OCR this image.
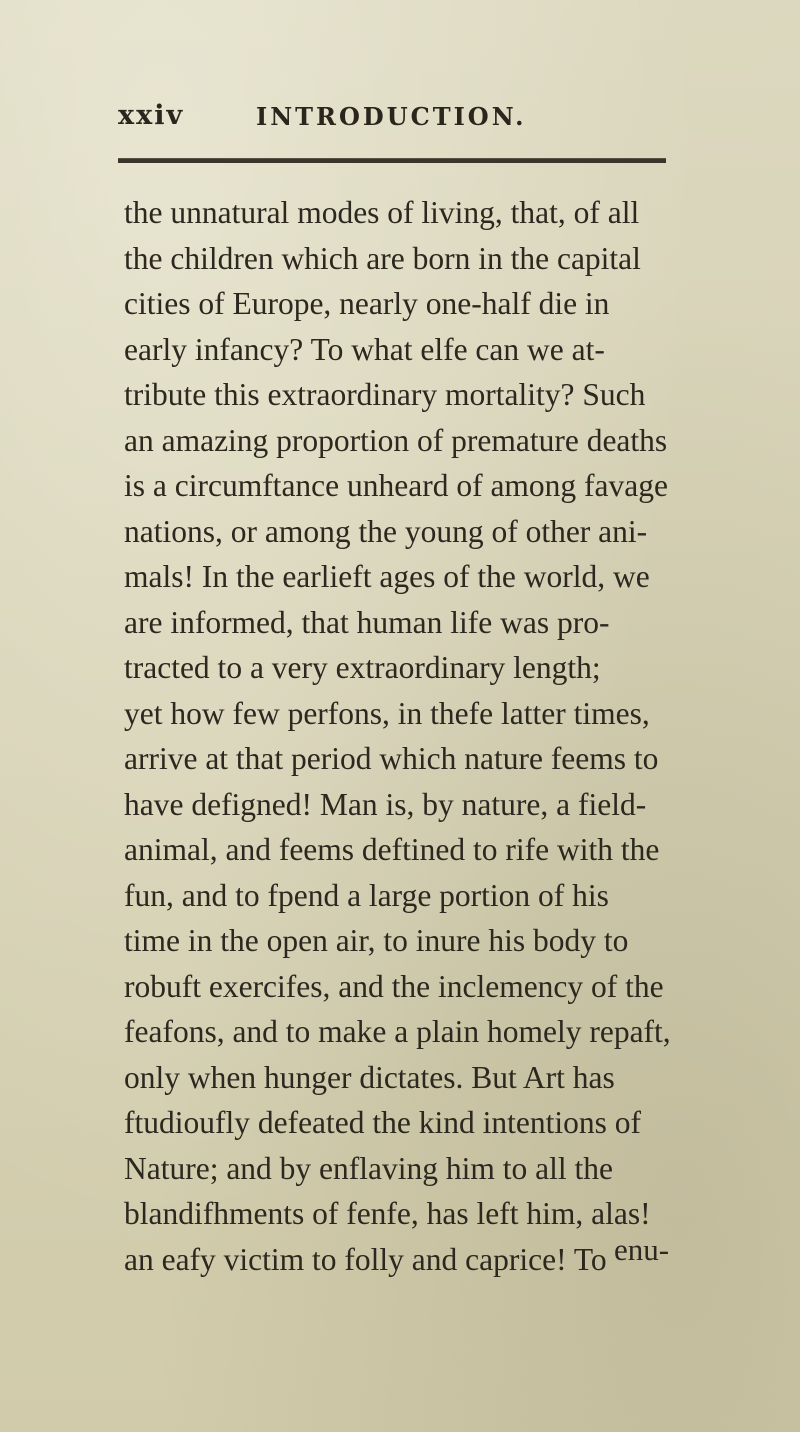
xxiv	INTRODUCTION.
the unnatural modes of living, that, of all
the children which are born in the capital
cities of Europe, nearly one-half die in
early infancy? To what elfe can we at-
tribute this extraordinary mortality? Such
an amazing proportion of premature deaths
is a circumftance unheard of among favage
nations, or among the young of other ani-
mals! In the earlieft ages of the world, we
are informed, that human life was pro-
tracted to a very extraordinary length;
yet how few perfons, in thefe latter times,
arrive at that period which nature feems to
have defigned! Man is, by nature, a field-
animal, and feems deftined to rife with the
fun, and to fpend a large portion of his
time in the open air, to inure his body to
robuft exercifes, and the inclemency of the
feafons, and to make a plain homely repaft,
only when hunger dictates. But Art has
ftudioufly defeated the kind intentions of
Nature; and by enflaving him to all the
blandifhments of fenfe, has left him, alas!
an eafy victim to folly and caprice! To enu-
